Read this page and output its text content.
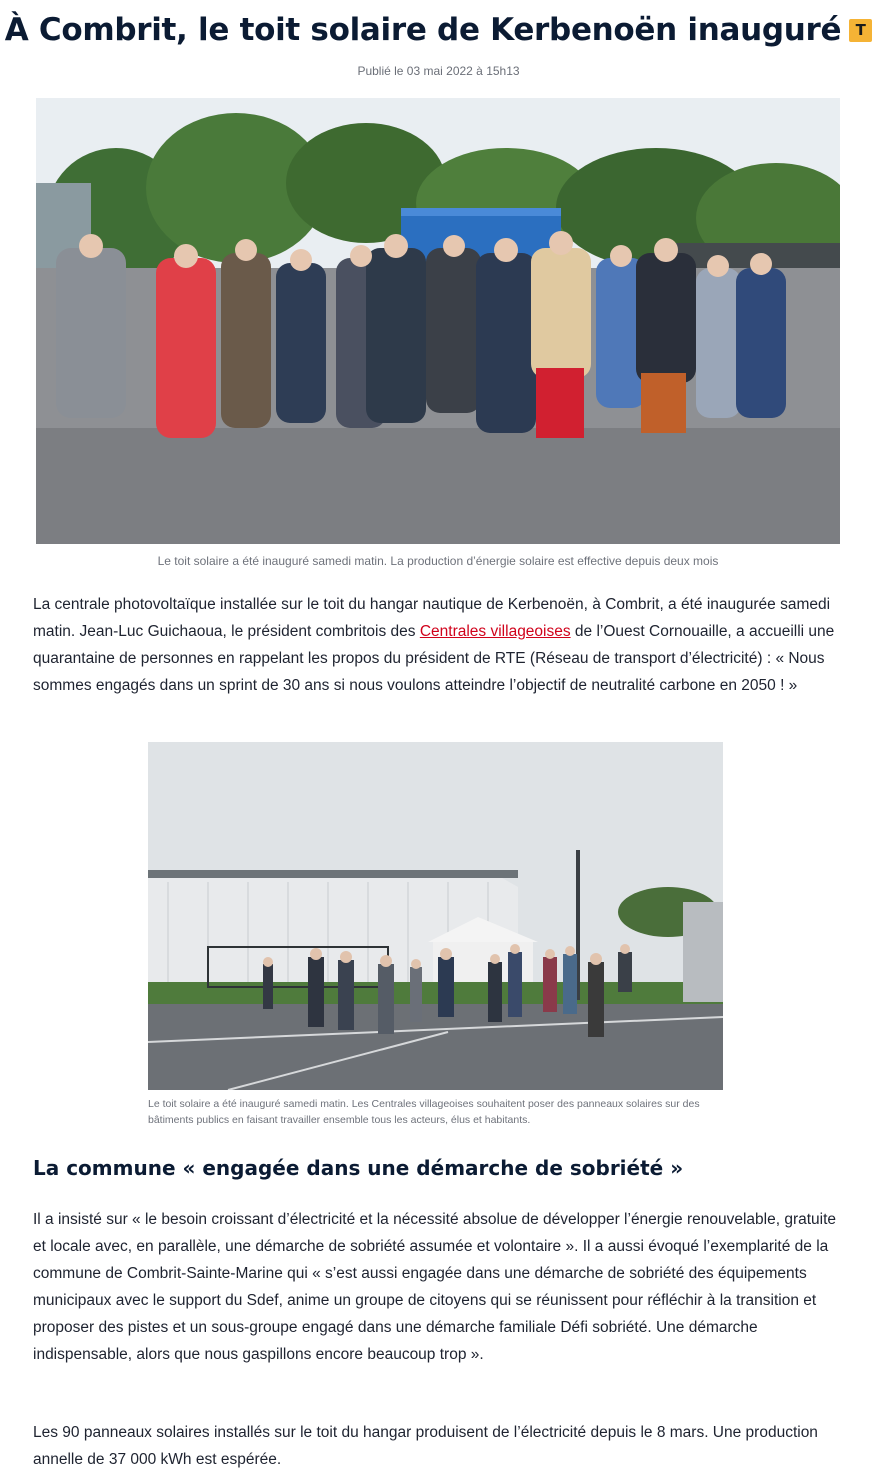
À Combrit, le toit solaire de Kerbenoën inauguré T
Publié le 03 mai 2022 à 15h13
Le toit solaire a été inauguré samedi matin. La production d’énergie solaire est effective depuis deux mois

La centrale photovoltaïque installée sur le toit du hangar nautique de Kerbenoën, à Combrit, a été inaugurée samedi matin. Jean-Luc Guichaoua, le président combritois des Centrales villageoises de l’Ouest Cornouaille, a accueilli une quarantaine de personnes en rappelant les propos du président de RTE (Réseau de transport d’électricité) : « Nous sommes engagés dans un sprint de 30 ans si nous voulons atteindre l’objectif de neutralité carbone en 2050 ! »

Le toit solaire a été inauguré samedi matin. Les Centrales villageoises souhaitent poser des panneaux solaires sur des bâtiments publics en faisant travailler ensemble tous les acteurs, élus et habitants.
La commune « engagée dans une démarche de sobriété »

Il a insisté sur « le besoin croissant d’électricité et la nécessité absolue de développer l’énergie renouvelable, gratuite et locale avec, en parallèle, une démarche de sobriété assumée et volontaire ». Il a aussi évoqué l’exemplarité de la commune de Combrit-Sainte-Marine qui « s’est aussi engagée dans une démarche de sobriété des équipements municipaux avec le support du Sdef, anime un groupe de citoyens qui se réunissent pour réfléchir à la transition et proposer des pistes et un sous-groupe engagé dans une démarche familiale Défi sobriété. Une démarche indispensable, alors que nous gaspillons encore beaucoup trop ».

Les 90 panneaux solaires installés sur le toit du hangar produisent de l’électricité depuis le 8 mars. Une production annelle de 37 000 kWh est espérée.
